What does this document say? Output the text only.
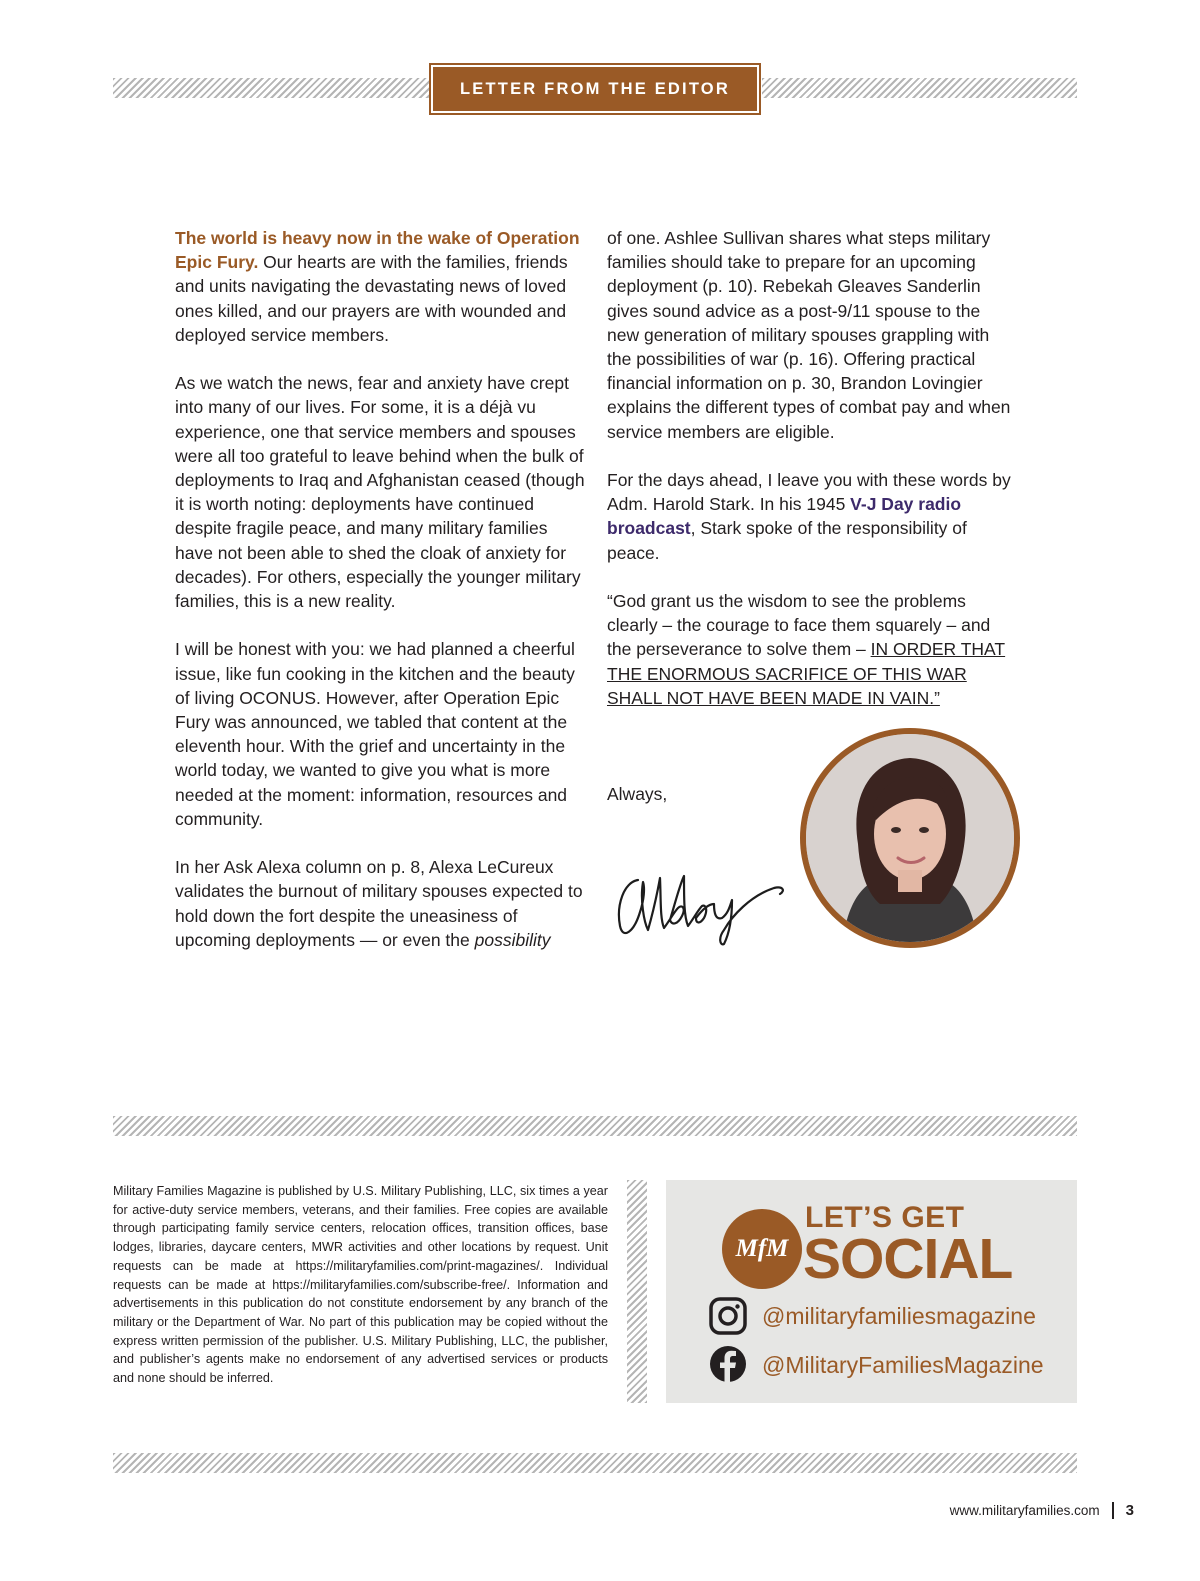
LETTER FROM THE EDITOR

The world is heavy now in the wake of Operation Epic Fury. Our hearts are with the families, friends and units navigating the devastating news of loved ones killed, and our prayers are with wounded and deployed service members.

As we watch the news, fear and anxiety have crept into many of our lives. For some, it is a déjà vu experience, one that service members and spouses were all too grateful to leave behind when the bulk of deployments to Iraq and Afghanistan ceased (though it is worth noting: deployments have continued despite fragile peace, and many military families have not been able to shed the cloak of anxiety for decades). For others, especially the younger military families, this is a new reality.

I will be honest with you: we had planned a cheerful issue, like fun cooking in the kitchen and the beauty of living OCONUS. However, after Operation Epic Fury was announced, we tabled that content at the eleventh hour. With the grief and uncertainty in the world today, we wanted to give you what is more needed at the moment: information, resources and community.

In her Ask Alexa column on p. 8, Alexa LeCureux validates the burnout of military spouses expected to hold down the fort despite the uneasiness of upcoming deployments — or even the possibility

of one. Ashlee Sullivan shares what steps military families should take to prepare for an upcoming deployment (p. 10). Rebekah Gleaves Sanderlin gives sound advice as a post-9/11 spouse to the new generation of military spouses grappling with the possibilities of war (p. 16). Offering practical financial information on p. 30, Brandon Lovingier explains the different types of combat pay and when service members are eligible.

For the days ahead, I leave you with these words by Adm. Harold Stark. In his 1945 V-J Day radio broadcast, Stark spoke of the responsibility of peace.

“God grant us the wisdom to see the problems clearly – the courage to face them squarely – and the perseverance to solve them – IN ORDER THAT THE ENORMOUS SACRIFICE OF THIS WAR SHALL NOT HAVE BEEN MADE IN VAIN.”

Always,

Military Families Magazine is published by U.S. Military Publishing, LLC, six times a year for active-duty service members, veterans, and their families. Free copies are available through participating family service centers, relocation offices, transition offices, base lodges, libraries, daycare centers, MWR activities and other locations by request. Unit requests can be made at https://militaryfamilies.com/print-magazines/. Individual requests can be made at https://militaryfamilies.com/subscribe-free/. Information and advertisements in this publication do not constitute endorsement by any branch of the military or the Department of War. No part of this publication may be copied without the express written permission of the publisher. U.S. Military Publishing, LLC, the publisher, and publisher’s agents make no endorsement of any advertised services or products and none should be inferred.
MfM
LET’S GET
SOCIAL
@militaryfamiliesmagazine
@MilitaryFamiliesMagazine
www.militaryfamilies.com 3
